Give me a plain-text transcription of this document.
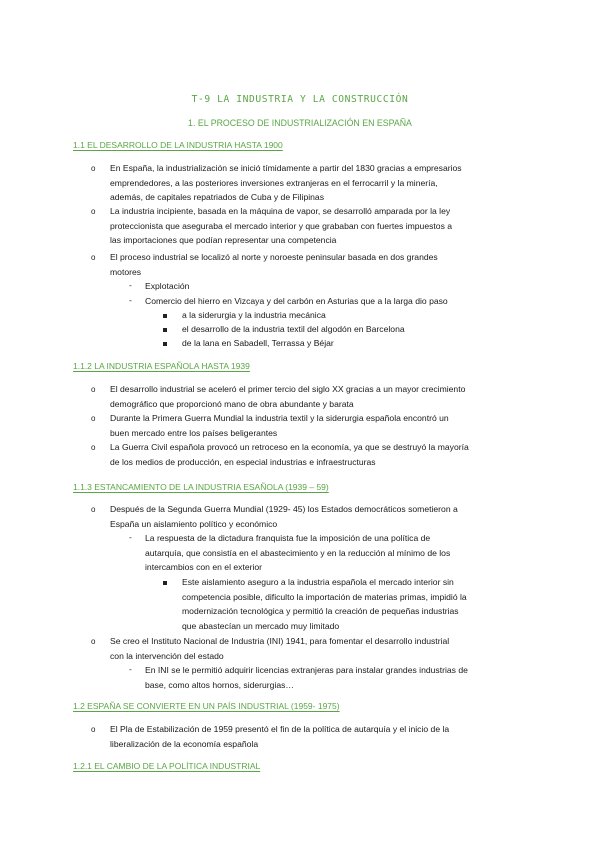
T-9 LA INDUSTRIA Y LA CONSTRUCCIÓN
1. EL PROCESO DE INDUSTRIALIZACIÓN EN ESPAÑA
1.1 EL DESARROLLO DE LA INDUSTRIA HASTA 1900
o En España, la industrialización se inició tímidamente a partir del 1830 gracias a empresarios
emprendedores, a las posteriores inversiones extranjeras en el ferrocarril y la minería,
además, de capitales repatriados de Cuba y de Filipinas
o La industria incipiente, basada en la máquina de vapor, se desarrolló amparada por la ley
proteccionista que aseguraba el mercado interior y que grababan con fuertes impuestos a
las importaciones que podían representar una competencia
o El proceso industrial se localizó al norte y noroeste peninsular basada en dos grandes
motores
- Explotación
- Comercio del hierro en Vizcaya y del carbón en Asturias que a la larga dio paso
a la siderurgia y la industria mecánica
el desarrollo de la industria textil del algodón en Barcelona
de la lana en Sabadell, Terrassa y Béjar
1.1.2 LA INDUSTRIA ESPAÑOLA HASTA 1939
o El desarrollo industrial se aceleró el primer tercio del siglo XX gracias a un mayor crecimiento
demográfico que proporcionó mano de obra abundante y barata
o Durante la Primera Guerra Mundial la industria textil y la siderurgia española encontró un
buen mercado entre los países beligerantes
o La Guerra Civil española provocó un retroceso en la economía, ya que se destruyó la mayoría
de los medios de producción, en especial industrias e infraestructuras
1.1.3 ESTANCAMIENTO DE LA INDUSTRIA ESAÑOLA (1939 – 59)
o Después de la Segunda Guerra Mundial (1929- 45) los Estados democráticos sometieron a
España un aislamiento político y económico
- La respuesta de la dictadura franquista fue la imposición de una política de
autarquía, que consistía en el abastecimiento y en la reducción al mínimo de los
intercambios con en el exterior
Este aislamiento aseguro a la industria española el mercado interior sin
competencia posible, dificulto la importación de materias primas, impidió la
modernización tecnológica y permitió la creación de pequeñas industrias
que abastecían un mercado muy limitado
o Se creo el Instituto Nacional de Industria (INI) 1941, para fomentar el desarrollo industrial
con la intervención del estado
- En INI se le permitió adquirir licencias extranjeras para instalar grandes industrias de
base, como altos hornos, siderurgias…
1.2 ESPAÑA SE CONVIERTE EN UN PAÍS INDUSTRIAL (1959- 1975)
o El Pla de Estabilización de 1959 presentó el fin de la política de autarquía y el inicio de la
liberalización de la economía española
1.2.1 EL CAMBIO DE LA POLÍTICA INDUSTRIAL
